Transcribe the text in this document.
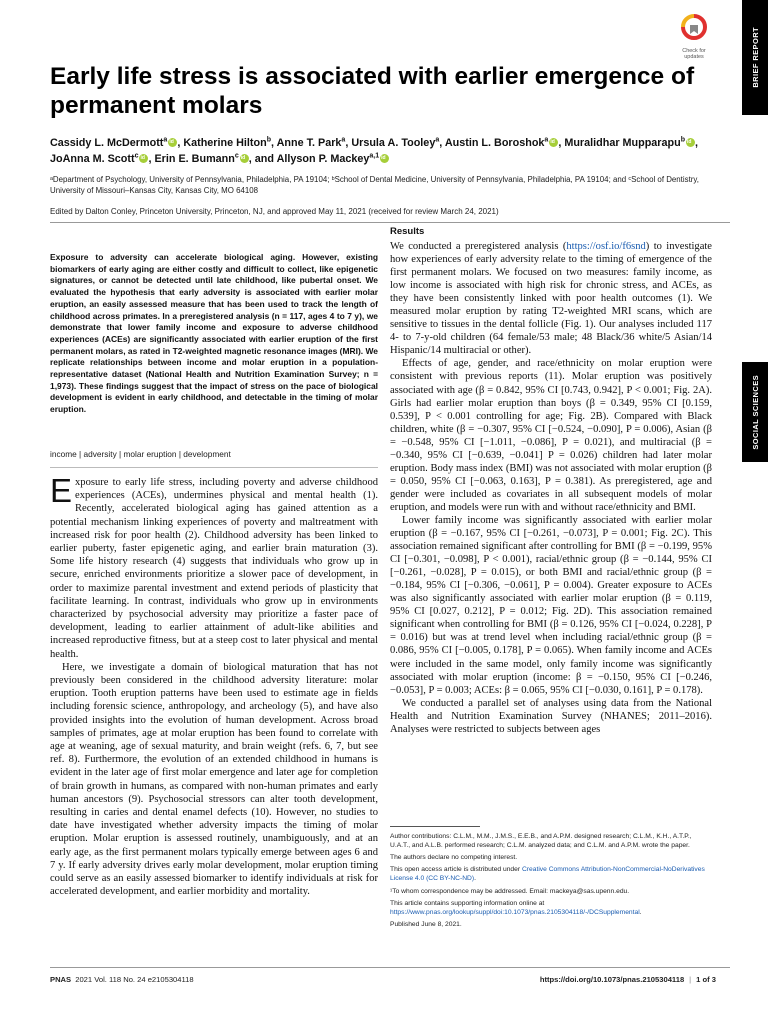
BRIEF REPORT
SOCIAL SCIENCES
Check for
updates
Early life stress is associated with earlier emergence of permanent molars
Cassidy L. McDermott$^a$ id , Katherine Hilton$^b$, Anne T. Park$^a$, Ursula A. Tooley$^a$, Austin L. Boroshok$^a$ id , Muralidhar Mupparapu$^b$ id , JoAnna M. Scott$^c$ id , Erin E. Bumann$^c$ id , and Allyson P. Mackey$^{a,1}$id
ᵃDepartment of Psychology, University of Pennsylvania, Philadelphia, PA 19104; ᵇSchool of Dental Medicine, University of Pennsylvania, Philadelphia, PA 19104; and ᶜSchool of Dentistry, University of Missouri–Kansas City, Kansas City, MO 64108
Edited by Dalton Conley, Princeton University, Princeton, NJ, and approved May 11, 2021 (received for review March 24, 2021)

Exposure to adversity can accelerate biological aging. However, existing biomarkers of early aging are either costly and difficult to collect, like epigenetic signatures, or cannot be detected until late childhood, like pubertal onset. We evaluated the hypothesis that early adversity is associated with earlier molar eruption, an easily assessed measure that has been used to track the length of childhood across primates. In a preregistered analysis (n = 117, ages 4 to 7 y), we demonstrate that lower family income and exposure to adverse childhood experiences (ACEs) are significantly associated with earlier eruption of the first permanent molars, as rated in T2-weighted magnetic resonance images (MRI). We replicate relationships between income and molar eruption in a population-representative dataset (National Health and Nutrition Examination Survey; n = 1,973). These findings suggest that the impact of stress on the pace of biological development is evident in early childhood, and detectable in the timing of molar eruption.

income | adversity | molar eruption | development

Exposure to early life stress, including poverty and adverse childhood experiences (ACEs), undermines physical and mental health (1). Recently, accelerated biological aging has gained attention as a potential mechanism linking experiences of poverty and maltreatment with increased risk for poor health (2). Childhood adversity has been linked to earlier puberty, faster epigenetic aging, and earlier brain maturation (3). Some life history research (4) suggests that individuals who grow up in secure, enriched environments prioritize a slower pace of development, in order to maximize parental investment and extend periods of plasticity that facilitate learning. In contrast, individuals who grow up in environments characterized by psychosocial adversity may prioritize a faster pace of development, leading to earlier attainment of adult-like abilities and increased reproductive fitness, but at a steep cost to later physical and mental health.

Here, we investigate a domain of biological maturation that has not previously been considered in the childhood adversity literature: molar eruption. Tooth eruption patterns have been used to estimate age in fields including forensic science, anthropology, and archeology (5), and have also provided insights into the evolution of human development. Across broad samples of primates, age at molar eruption has been found to correlate with age at weaning, age of sexual maturity, and brain weight (refs. 6, 7, but see ref. 8). Furthermore, the evolution of an extended childhood in humans is evident in the later age of first molar emergence and later age for completion of brain growth in humans, as compared with non-human primates and early human ancestors (9). Psychosocial stressors can alter tooth development, resulting in caries and dental enamel defects (10). However, no studies to date have investigated whether adversity impacts the timing of molar eruption. Molar eruption is assessed routinely, unambiguously, and at an early age, as the first permanent molars typically emerge between ages 6 and 7 y. If early adversity drives early molar development, molar eruption timing could serve as an easily assessed biomarker to identify individuals at risk for accelerated development, and earlier morbidity and mortality.

Results

We conducted a preregistered analysis (https://osf.io/f6snd) to investigate how experiences of early adversity relate to the timing of emergence of the first permanent molars. We focused on two measures: family income, as low income is associated with high risk for chronic stress, and ACEs, as they have been consistently linked with poor health outcomes (1). We measured molar eruption by rating T2-weighted MRI scans, which are sensitive to tissues in the dental follicle (Fig. 1). Our analyses included 117 4- to 7-y-old children (64 female/53 male; 48 Black/36 white/5 Asian/14 Hispanic/14 multiracial or other).

Effects of age, gender, and race/ethnicity on molar eruption were consistent with previous reports (11). Molar eruption was positively associated with age (β = 0.842, 95% CI [0.743, 0.942], P < 0.001; Fig. 2A). Girls had earlier molar eruption than boys (β = 0.349, 95% CI [0.159, 0.539], P < 0.001 controlling for age; Fig. 2B). Compared with Black children, white (β = −0.307, 95% CI [−0.524, −0.090], P = 0.006), Asian (β = −0.548, 95% CI [−1.011, −0.086], P = 0.021), and multiracial (β = −0.340, 95% CI [−0.639, −0.041] P = 0.026) children had later molar eruption. Body mass index (BMI) was not associated with molar eruption (β = 0.050, 95% CI [−0.063, 0.163], P = 0.381). As preregistered, age and gender were included as covariates in all subsequent models of molar eruption, and models were run with and without race/ethnicity and BMI.

Lower family income was significantly associated with earlier molar eruption (β = −0.167, 95% CI [−0.261, −0.073], P = 0.001; Fig. 2C). This association remained significant after controlling for BMI (β = −0.199, 95% CI [−0.301, −0.098], P < 0.001), racial/ethnic group (β = −0.144, 95% CI [−0.261, −0.028], P = 0.015), or both BMI and racial/ethnic group (β = −0.184, 95% CI [−0.306, −0.061], P = 0.004). Greater exposure to ACEs was also significantly associated with earlier molar eruption (β = 0.119, 95% CI [0.027, 0.212], P = 0.012; Fig. 2D). This association remained significant when controlling for BMI (β = 0.126, 95% CI [−0.024, 0.228], P = 0.016) but was at trend level when including racial/ethnic group (β = 0.086, 95% CI [−0.005, 0.178], P = 0.065). When family income and ACEs were included in the same model, only family income was significantly associated with molar eruption (income: β = −0.150, 95% CI [−0.246, −0.053], P = 0.003; ACEs: β = 0.065, 95% CI [−0.030, 0.161], P = 0.178).

We conducted a parallel set of analyses using data from the National Health and Nutrition Examination Survey (NHANES; 2011–2016). Analyses were restricted to subjects between ages

Author contributions: C.L.M., M.M., J.M.S., E.E.B., and A.P.M. designed research; C.L.M., K.H., A.T.P., U.A.T., and A.L.B. performed research; C.L.M. analyzed data; and C.L.M. and A.P.M. wrote the paper.

The authors declare no competing interest.

This open access article is distributed under Creative Commons Attribution-NonCommercial-NoDerivatives License 4.0 (CC BY-NC-ND).

¹To whom correspondence may be addressed. Email: mackeya@sas.upenn.edu.

This article contains supporting information online at https://www.pnas.org/lookup/suppl/doi:10.1073/pnas.2105304118/-/DCSupplemental.

Published June 8, 2021.

PNAS 2021 Vol. 118 No. 24 e2105304118	https://doi.org/10.1073/pnas.2105304118 | 1 of 3
